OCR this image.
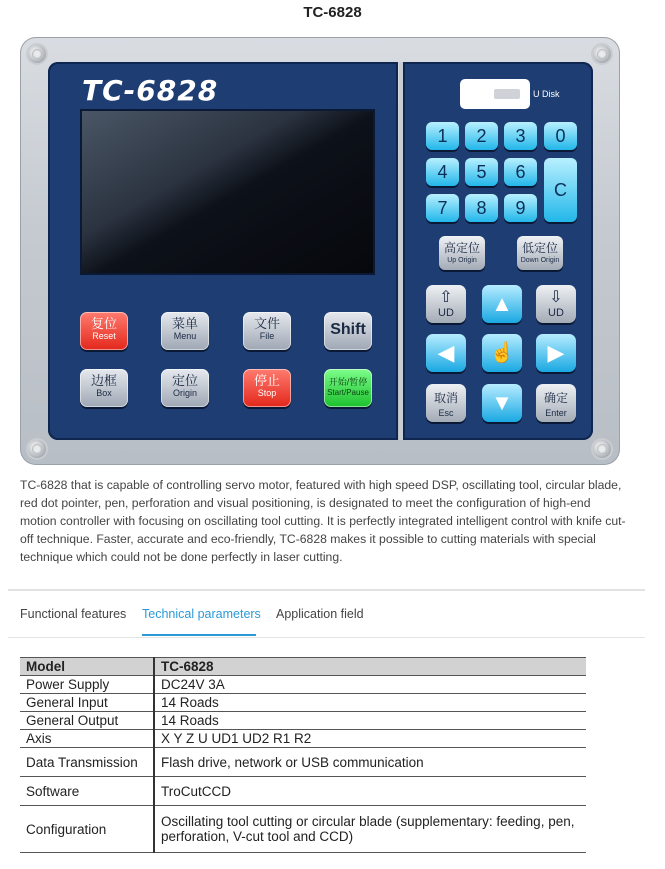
TC-6828
TC-6828
复位
Reset
菜单
Menu
文件
File	Shift
边框
Box
定位
Origin
停止
Stop
开始/暂停
Start/Pause
U Disk
1	2	3	0
4	5	6
C
7	8	9
高定位
Up Origin
低定位
Down Origin
⇧
UD	▲	⇩
UD
◀	☝	▶
取消
Esc	▼	确定
Enter
TC-6828 that is capable of controlling servo motor, featured with high speed DSP, oscillating tool, circular blade, red dot pointer, pen, perforation and visual positioning, is designated to meet the configuration of high-end motion controller with focusing on oscillating tool cutting. It is perfectly integrated intelligent control with knife cut-off technique. Faster, accurate and eco-friendly, TC-6828 makes it possible to cutting materials with special technique which could not be done perfectly in laser cutting.
Functional features Technical parameters Application field
Model	TC-6828
Power Supply	DC24V 3A
General Input	14 Roads
General Output	14 Roads
Axis	X Y Z U UD1 UD2 R1 R2
Data Transmission	Flash drive, network or USB communication
Software	TroCutCCD
Configuration	Oscillating tool cutting or circular blade (supplementary: feeding, pen, perforation, V-cut tool and CCD)
